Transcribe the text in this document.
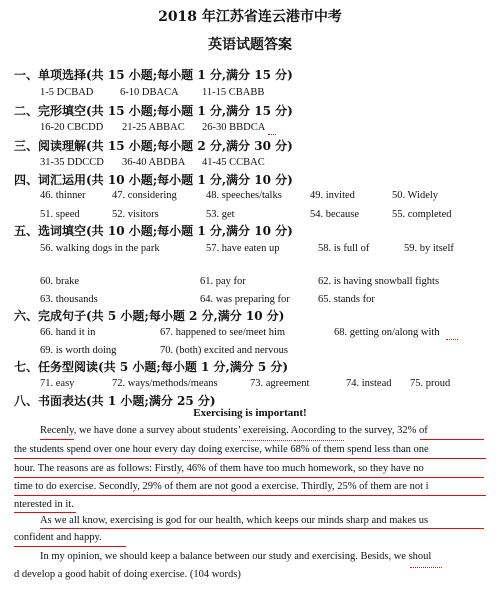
2018 年江苏省连云港市中考
英语试题答案
一、单项选择(共 15 小题;每小题 1 分,满分 15 分)
1-5 DCBAD	6-10 DBACA 11-15 CBABB
二、完形填空(共 15 小题;每小题 1 分,满分 15 分)
16-20 CBCDD 21-25 ABBAC 26-30 BBDCA
三、阅读理解(共 15 小题;每小题 2 分,满分 30 分)
31-35 DDCCD 36-40 ABDBA 41-45 CCBAC
四、词汇运用(共 10 小题;每小题 1 分,满分 10 分)
46. thinner	47. considering	48. speeches/talks	49. invited	50. Widely
51. speed	52. visitors	53. get	54. because	55. completed
五、选词填空(共 10 小题;每小题 1 分,满分 10 分)
56. walking dogs in the park	57. have eaten up	58. is full of	59. by itself
60. brake	61. pay for	62. is having snowball fights
63. thousands	64. was preparing for	65. stands for
六、完成句子(共 5 小题;每小题 2 分,满分 10 分)
66. hand it in	67. happened to see/meet him	68. getting on/along with
69. is worth doing	70. (both) excited and nervous
七、任务型阅读(共 5 小题;每小题 1 分,满分 5 分)
71. easy	72. ways/methods/means	73. agreement	74. instead 75. proud
八、书面表达(共 1 小题;满分 25 分)
Exercising is important!
Recenly, we have done a survey about students’ exereising. Aocording to the survey, 32% of
the students spend over one hour every day doing exercise, while 68% of them spend less than one
hour. The reasons are as follows: Firstly, 46% of them have too much homework, so they have no
time to do exercise. Secondly, 29% of them are not good a exercise. Thirdly, 25% of them are not i
nterested in it.
As we all know, exercising is god for our health, which keeps our minds sharp and makes us
confident and happy.
In my opinion, we should keep a balance between our study and exercising. Besids, we shoul
d develop a good habit of doing exercise. (104 words)
